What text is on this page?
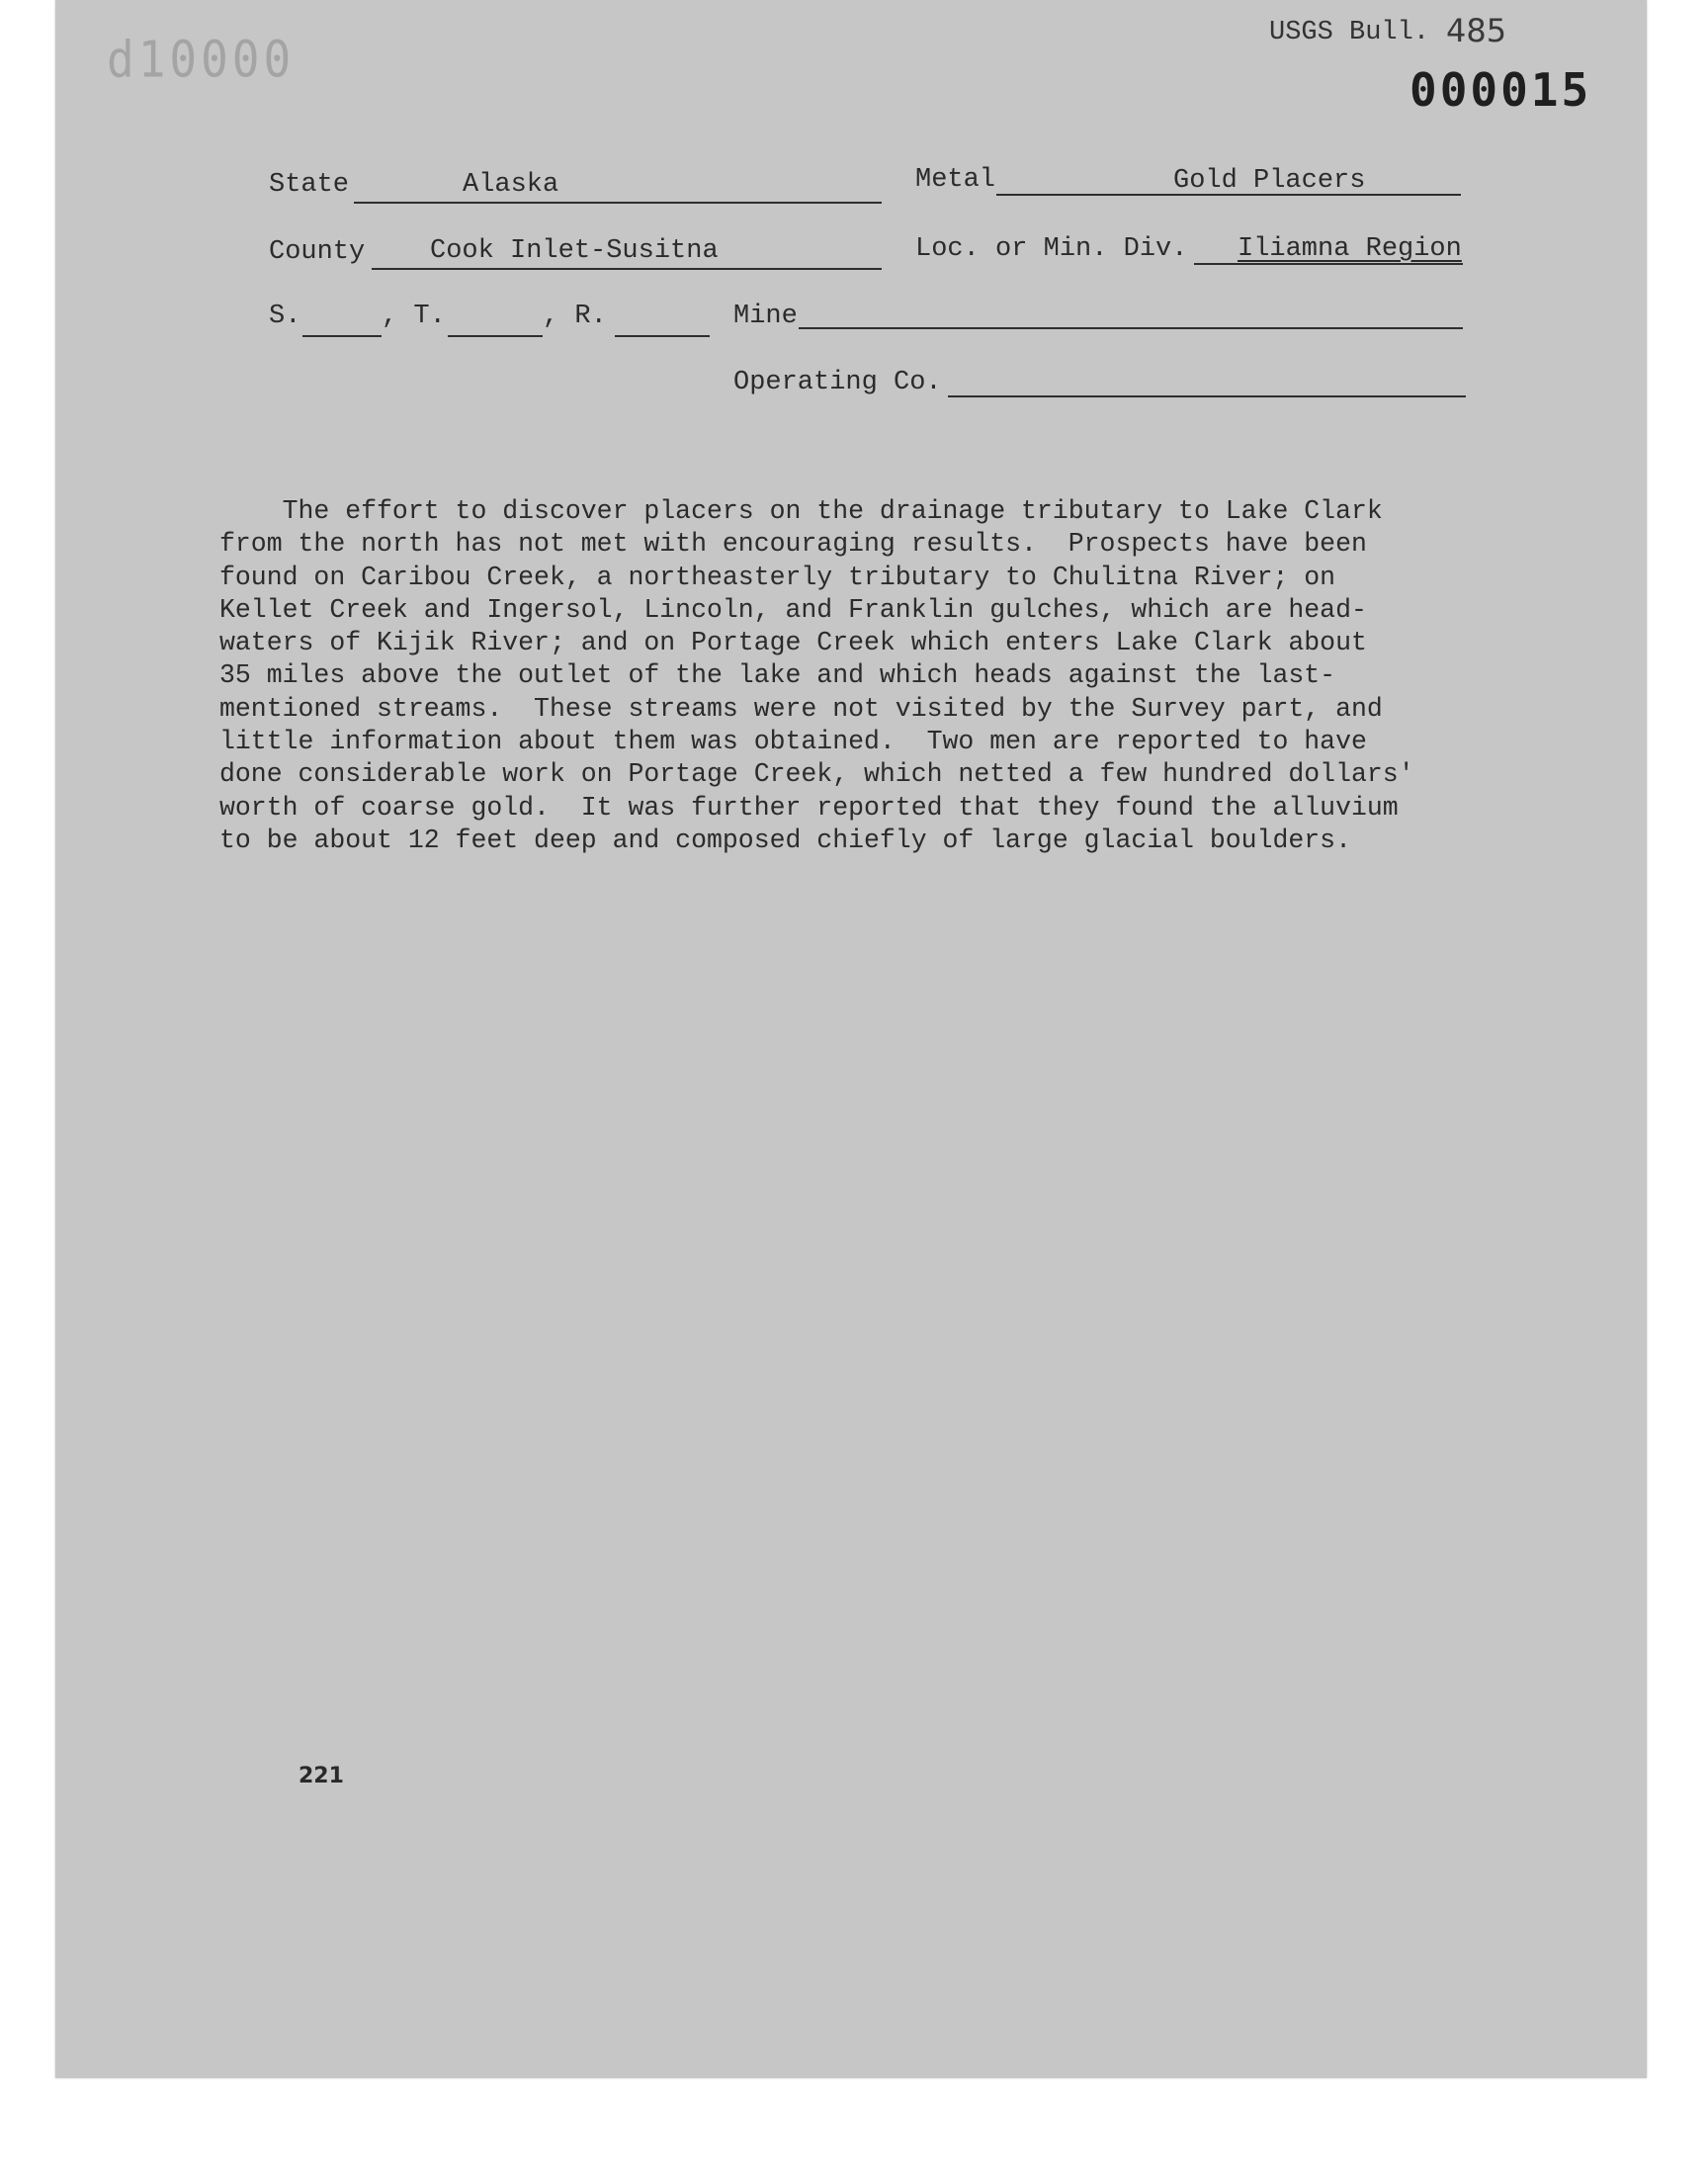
d10000	USGS Bull. 485
000015
State	Alaska	Metal	Gold Placers
County Cook Inlet-Susitna	Loc. or Min. Div. Iliamna Region
S.	, T.	, R.	Mine
Operating Co.
The effort to discover placers on the drainage tributary to Lake Clark
from the north has not met with encouraging results.  Prospects have been
found on Caribou Creek, a northeasterly tributary to Chulitna River; on
Kellet Creek and Ingersol, Lincoln, and Franklin gulches, which are head-
waters of Kijik River; and on Portage Creek which enters Lake Clark about
35 miles above the outlet of the lake and which heads against the last-
mentioned streams.  These streams were not visited by the Survey part, and
little information about them was obtained.  Two men are reported to have
done considerable work on Portage Creek, which netted a few hundred dollars'
worth of coarse gold.  It was further reported that they found the alluvium
to be about 12 feet deep and composed chiefly of large glacial boulders.
221
